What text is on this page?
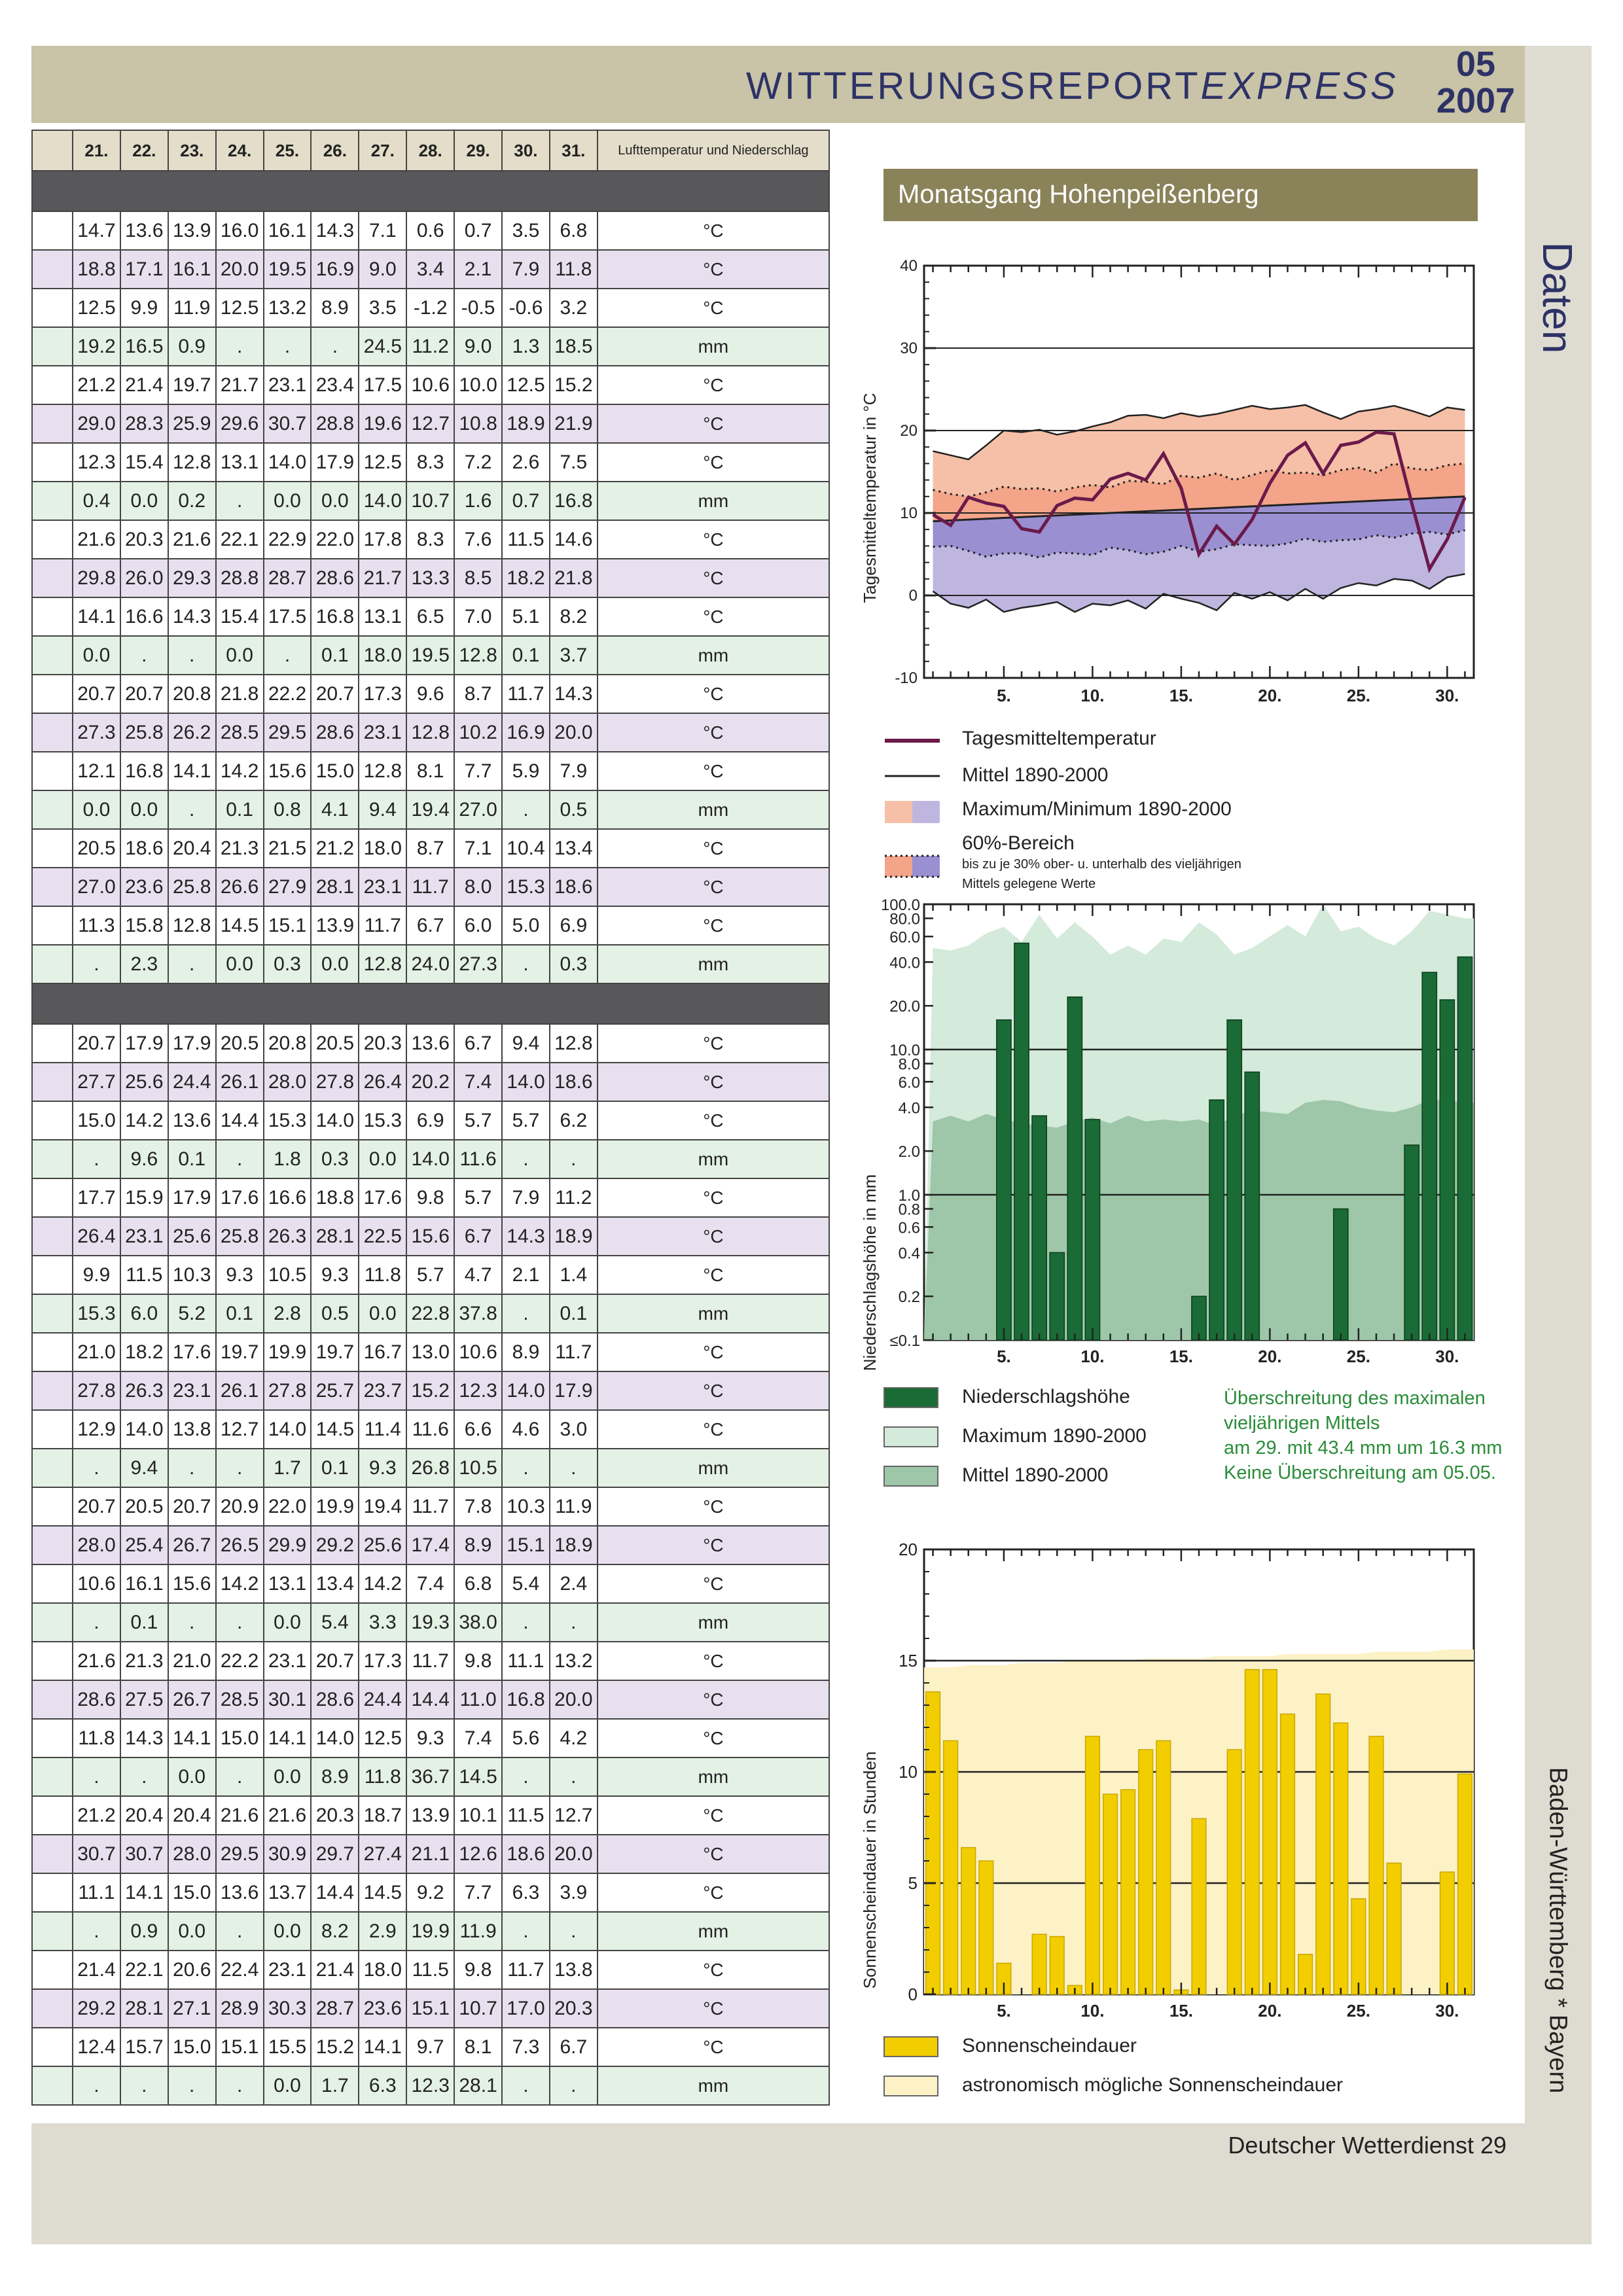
WITTERUNGSREPORTEXPRESS
05
2007
Daten
Baden-Württemberg * Bayern
Deutscher Wetterdienst 29
	21.	22.	23.	24.	25.	26.	27.	28.	29.	30.	31.	Lufttemperatur und Niederschlag

	14.7	13.6	13.9	16.0	16.1	14.3	7.1	0.6	0.7	3.5	6.8	°C
	18.8	17.1	16.1	20.0	19.5	16.9	9.0	3.4	2.1	7.9	11.8	°C
	12.5	9.9	11.9	12.5	13.2	8.9	3.5	-1.2	-0.5	-0.6	3.2	°C
	19.2	16.5	0.9	.	.	.	24.5	11.2	9.0	1.3	18.5	mm
	21.2	21.4	19.7	21.7	23.1	23.4	17.5	10.6	10.0	12.5	15.2	°C
	29.0	28.3	25.9	29.6	30.7	28.8	19.6	12.7	10.8	18.9	21.9	°C
	12.3	15.4	12.8	13.1	14.0	17.9	12.5	8.3	7.2	2.6	7.5	°C
	0.4	0.0	0.2	.	0.0	0.0	14.0	10.7	1.6	0.7	16.8	mm
	21.6	20.3	21.6	22.1	22.9	22.0	17.8	8.3	7.6	11.5	14.6	°C
	29.8	26.0	29.3	28.8	28.7	28.6	21.7	13.3	8.5	18.2	21.8	°C
	14.1	16.6	14.3	15.4	17.5	16.8	13.1	6.5	7.0	5.1	8.2	°C
	0.0	.	.	0.0	.	0.1	18.0	19.5	12.8	0.1	3.7	mm
	20.7	20.7	20.8	21.8	22.2	20.7	17.3	9.6	8.7	11.7	14.3	°C
	27.3	25.8	26.2	28.5	29.5	28.6	23.1	12.8	10.2	16.9	20.0	°C
	12.1	16.8	14.1	14.2	15.6	15.0	12.8	8.1	7.7	5.9	7.9	°C
	0.0	0.0	.	0.1	0.8	4.1	9.4	19.4	27.0	.	0.5	mm
	20.5	18.6	20.4	21.3	21.5	21.2	18.0	8.7	7.1	10.4	13.4	°C
	27.0	23.6	25.8	26.6	27.9	28.1	23.1	11.7	8.0	15.3	18.6	°C
	11.3	15.8	12.8	14.5	15.1	13.9	11.7	6.7	6.0	5.0	6.9	°C
	.	2.3	.	0.0	0.3	0.0	12.8	24.0	27.3	.	0.3	mm

	20.7	17.9	17.9	20.5	20.8	20.5	20.3	13.6	6.7	9.4	12.8	°C
	27.7	25.6	24.4	26.1	28.0	27.8	26.4	20.2	7.4	14.0	18.6	°C
	15.0	14.2	13.6	14.4	15.3	14.0	15.3	6.9	5.7	5.7	6.2	°C
	.	9.6	0.1	.	1.8	0.3	0.0	14.0	11.6	.	.	mm
	17.7	15.9	17.9	17.6	16.6	18.8	17.6	9.8	5.7	7.9	11.2	°C
	26.4	23.1	25.6	25.8	26.3	28.1	22.5	15.6	6.7	14.3	18.9	°C
	9.9	11.5	10.3	9.3	10.5	9.3	11.8	5.7	4.7	2.1	1.4	°C
	15.3	6.0	5.2	0.1	2.8	0.5	0.0	22.8	37.8	.	0.1	mm
	21.0	18.2	17.6	19.7	19.9	19.7	16.7	13.0	10.6	8.9	11.7	°C
	27.8	26.3	23.1	26.1	27.8	25.7	23.7	15.2	12.3	14.0	17.9	°C
	12.9	14.0	13.8	12.7	14.0	14.5	11.4	11.6	6.6	4.6	3.0	°C
	.	9.4	.	.	1.7	0.1	9.3	26.8	10.5	.	.	mm
	20.7	20.5	20.7	20.9	22.0	19.9	19.4	11.7	7.8	10.3	11.9	°C
	28.0	25.4	26.7	26.5	29.9	29.2	25.6	17.4	8.9	15.1	18.9	°C
	10.6	16.1	15.6	14.2	13.1	13.4	14.2	7.4	6.8	5.4	2.4	°C
	.	0.1	.	.	0.0	5.4	3.3	19.3	38.0	.	.	mm
	21.6	21.3	21.0	22.2	23.1	20.7	17.3	11.7	9.8	11.1	13.2	°C
	28.6	27.5	26.7	28.5	30.1	28.6	24.4	14.4	11.0	16.8	20.0	°C
	11.8	14.3	14.1	15.0	14.1	14.0	12.5	9.3	7.4	5.6	4.2	°C
	.	.	0.0	.	0.0	8.9	11.8	36.7	14.5	.	.	mm
	21.2	20.4	20.4	21.6	21.6	20.3	18.7	13.9	10.1	11.5	12.7	°C
	30.7	30.7	28.0	29.5	30.9	29.7	27.4	21.1	12.6	18.6	20.0	°C
	11.1	14.1	15.0	13.6	13.7	14.4	14.5	9.2	7.7	6.3	3.9	°C
	.	0.9	0.0	.	0.0	8.2	2.9	19.9	11.9	.	.	mm
	21.4	22.1	20.6	22.4	23.1	21.4	18.0	11.5	9.8	11.7	13.8	°C
	29.2	28.1	27.1	28.9	30.3	28.7	23.6	15.1	10.7	17.0	20.3	°C
	12.4	15.7	15.0	15.1	15.5	15.2	14.1	9.7	8.1	7.3	6.7	°C
	.	.	.	.	0.0	1.7	6.3	12.3	28.1	.	.	mm
Monatsgang Hohenpeißenberg
40
30
20
10
0
-10
5.	10.	15.	20.	25.	30.
Tagesmitteltemperatur in °C
100.0
80.0
60.0
40.0
20.0
10.0
8.0
6.0
4.0
2.0
1.0
0.8
0.6
0.4
0.2
≤0.1
5.	10.	15.	20.	25.	30.
Niederschlagshöhe in mm
20
15
10
5
0
5.	10.	15.	20.	25.	30.
Sonnenscheindauer in Stunden
Tagesmitteltemperatur
Mittel 1890-2000
Maximum/Minimum 1890-2000
60%-Bereich
bis zu je 30% ober- u. unterhalb des vieljährigen
Mittels gelegene Werte
Niederschlagshöhe
Maximum 1890-2000
Mittel 1890-2000
Überschreitung des maximalen
vieljährigen Mittels
am 29. mit 43.4 mm um 16.3 mm
Keine Überschreitung am 05.05.
Sonnenscheindauer
astronomisch mögliche Sonnenscheindauer
